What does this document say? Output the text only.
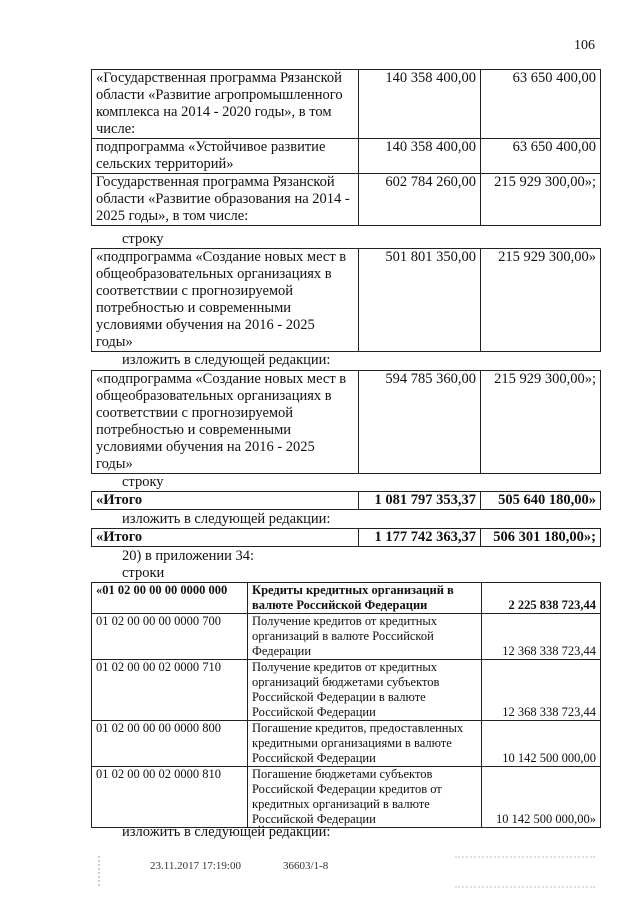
106
«Государственная программа Рязанской области «Развитие агропромышленного комплекса на 2014 - 2020 годы», в том числе:	140 358 400,00	63 650 400,00
подпрограмма «Устойчивое развитие сельских территорий»	140 358 400,00	63 650 400,00
Государственная программа Рязанской области «Развитие образования на 2014 - 2025 годы», в том числе:	602 784 260,00	215 929 300,00»;
строку
«подпрограмма «Создание новых мест в общеобразовательных организациях в соответствии с прогнозируемой потребностью и современными условиями обучения на 2016 - 2025 годы»	501 801 350,00	215 929 300,00»
изложить в следующей редакции:
«подпрограмма «Создание новых мест в общеобразовательных организациях в соответствии с прогнозируемой потребностью и современными условиями обучения на 2016 - 2025 годы»	594 785 360,00	215 929 300,00»;
строку
«Итого	1 081 797 353,37	505 640 180,00»
изложить в следующей редакции:
«Итого	1 177 742 363,37	506 301 180,00»;
20) в приложении 34:
строки
«01 02 00 00 00 0000 000	Кредиты кредитных организаций в валюте Российской Федерации	2 225 838 723,44
01 02 00 00 00 0000 700	Получение кредитов от кредитных организаций в валюте Российской Федерации	12 368 338 723,44
01 02 00 00 02 0000 710	Получение кредитов от кредитных организаций бюджетами субъектов Российской Федерации в валюте Российской Федерации	12 368 338 723,44
01 02 00 00 00 0000 800	Погашение кредитов, предоставленных кредитными организациями в валюте Российской Федерации	10 142 500 000,00
01 02 00 00 02 0000 810	Погашение бюджетами субъектов Российской Федерации кредитов от кредитных организаций в валюте Российской Федерации	10 142 500 000,00»
изложить в следующей редакции:
23.11.2017 17:19:00	36603/1-8
